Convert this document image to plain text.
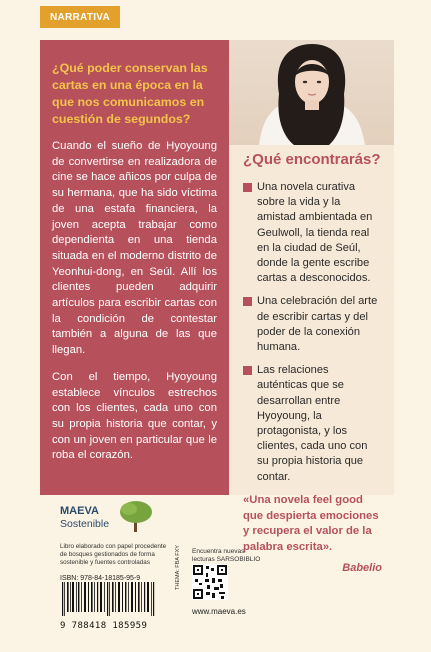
NARRATIVA

¿Qué poder conservan las cartas en una época en la que nos comunicamos en cuestión de segundos?

Cuando el sueño de Hyoyoung de convertirse en realizadora de cine se hace añicos por culpa de su hermana, que ha sido víctima de una estafa financiera, la joven acepta trabajar como dependienta en una tienda situada en el moderno distrito de Yeonhui-dong, en Seúl. Allí los clientes pueden adquirir artículos para escribir cartas con la condición de contestar también a alguna de las que llegan.

Con el tiempo, Hyoyoung establece vínculos estrechos con los clientes, cada uno con su propia historia que contar, y con un joven en particular que le roba el corazón.

¿Qué encontrarás?
Una novela curativa sobre la vida y la amistad ambientada en Geulwoll, la tienda real en la ciudad de Seúl, donde la gente escribe cartas a desconocidos.
Una celebración del arte de escribir cartas y del poder de la conexión humana.
Las relaciones auténticas que se desarrollan entre Hyoyoung, la protagonista, y los clientes, cada uno con su propia historia que contar.

«Una novela feel good que despierta emociones y recupera el valor de la palabra escrita».

Babelio

MAEVA
Sostenible

Libro elaborado con papel procedente de bosques gestionados de forma sostenible y fuentes controladas

ISBN: 978-84-18185-95-9
9 788418 185959
THEMA: FBA FXY Encuentra nuevas lecturas SARSOBIBLIO

www.maeva.es
